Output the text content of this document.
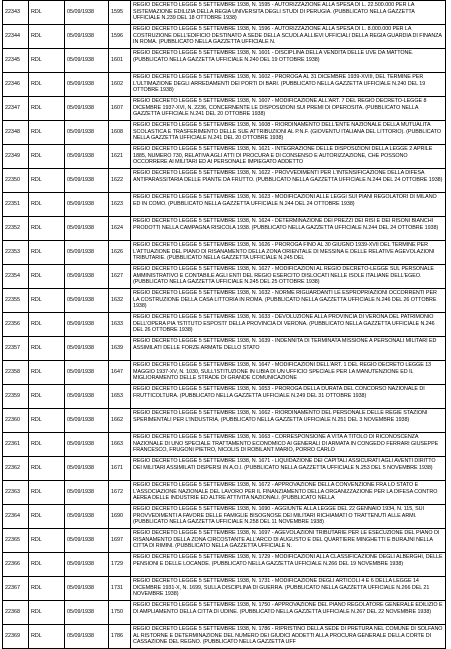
22343	RDL	05/09/1938	1595	REGIO DECRETO LEGGE 5 SETTEMBRE 1938, N. 1595 - AUTORIZZAZIONE ALLA SPESA DI L. 22.500.000 PER LA SISTEMAZIONE EDILIZIA DELLA REGIA UNIVERSITA DEGLI STUDI DI PERUGIA. (PUBBLICATO NELLA GAZZETTA UFFICIALE N.239 DEL 18 OTTOBRE 1938)
22344	RDL	05/09/1938	1596	REGIO DECRETO LEGGE 5 SETTEMBRE 1938, N. 1596 - AUTORIZZAZIONE ALLA SPESA DI L. 8.000.000 PER LA COSTRUZIONE DELL'EDIFICIO DESTINATO A SEDE DELLA SCUOLA ALLIEVI UFFICIALI DELLA REGIA GUARDIA DI FINANZA IN ROMA. (PUBBLICATO NELLA GAZZETTA UFFICIALE N.
22345	RDL	05/09/1938	1601	REGIO DECRETO LEGGE 5 SETTEMBRE 1938, N. 1601 - DISCIPLINA DELLA VENDITA DELLE UVE DA MATTONE. (PUBBLICATO NELLA GAZZETTA UFFICIALE N.240 DEL 19 OTTOBRE 1938)
22346	RDL	05/09/1938	1602	REGIO DECRETO LEGGE 5 SETTEMBRE 1938, N. 1602 - PROROGA AL 31 DICEMBRE 1939-XVIII, DEL TERMINE PER L'ULTIMAZIONE DEGLI ARREDAMENTI DEI PORTI DI BARI. (PUBBLICATO NELLA GAZZETTA UFFICIALE N.240 DEL 19 OTTOBRE 1938)
22347	RDL	05/09/1938	1607	REGIO DECRETO LEGGE 5 SETTEMBRE 1938, N. 1607 - MODIFICAZIONE ALL'ART. 7 DEL REGIO DECRETO-LEGGE 8 DICEMBRE 1937-XVI, N. 2236, CONCERNENTE LE DISPOSIZIONI SUI PREMI DI OPEROSITA. (PUBBLICATO NELLA GAZZETTA UFFICIALE N.241 DEL 20 OTTOBRE 1938)
22348	RDL	05/09/1938	1608	REGIO DECRETO LEGGE 5 SETTEMBRE 1938, N. 1608 - RIORDINAMENTO DELL'ENTE NAZIONALE DELLA MUTUALITA SCOLASTICA E TRASFERIMENTO DELLE SUE ATTRIBUZIONI AL P.N.F. (GIOVENTU ITALIANA DEL LITTORIO). (PUBBLICATO NELLA GAZZETTA UFFICIALE N.241 DEL 20 OTTOBRE 1938)
22349	RDL	05/09/1938	1621	REGIO DECRETO LEGGE 5 SETTEMBRE 1938, N. 1621 - INTEGRAZIONE DELLE DISPOSIZIONI DELLA LEGGE 2 APRILE 1885, NUMERO 730, RELATIVA AGLI ATTI DI PROCURA E DI CONSENSO E AUTORIZZAZIONE, CHE POSSONO OCCORRERE AI MILITARI ED AI PERSONALE IMPIEGATO ADDETTO
22350	RDL	05/09/1938	1622	REGIO DECRETO LEGGE 5 SETTEMBRE 1938, N. 1622 - PROVVEDIMENTI PER L'INTENSIFICAZIONE DELLA DIFESA ANTIPARASSITARIA DELLE PIANTE DA FRUTTO. (PUBBLICATO NELLA GAZZETTA UFFICIALE N.244 DEL 24 OTTOBRE 1938)
22351	RDL	05/09/1938	1623	REGIO DECRETO LEGGE 5 SETTEMBRE 1938, N. 1623 - MODIFICAZIONI ALLE LEGGI SUI PIANI REGOLATORI DI MILANO ED IN COMO. (PUBBLICATO NELLA GAZZETTA UFFICIALE N.244 DEL 24 OTTOBRE 1938)
22352	RDL	05/09/1938	1624	REGIO DECRETO LEGGE 5 SETTEMBRE 1938, N. 1624 - DETERMINAZIONE DEI PREZZI DEI RISI E DEI RISONI BIANCHI PRODOTTI NELLA CAMPAGNA RISICOLA 1938. (PUBBLICATO NELLA GAZZETTA UFFICIALE N.244 DEL 24 OTTOBRE 1938)
22353	RDL	05/09/1938	1626	REGIO DECRETO LEGGE 5 SETTEMBRE 1938, N. 1626 - PROROGA FINO AL 30 GIUGNO 1939-XVII DEL TERMINE PER L'ATTUAZIONE DEL PIANO DI RISANAMENTO DELLA ZONA ORIENTALE DI MESSINA E DELLE RELATIVE AGEVOLAZIONI TRIBUTARIE. (PUBBLICATO NELLA GAZZETTA UFFICIALE N.245 DEL
22354	RDL	05/09/1938	1627	REGIO DECRETO LEGGE 5 SETTEMBRE 1938, N. 1627 - MODIFICAZIONI AL REGIO DECRETO-LEGGE SUL PERSONALE AMMINISTRATIVO E CONTABILE AGLI ENTI DEL REGIO ESERCITO DISLOCATI NELLE ISOLE ITALIANE DELL'EGEO. (PUBBLICATO NELLA GAZZETTA UFFICIALE N.245 DEL 25 OTTOBRE 1938)
22355	RDL	05/09/1938	1632	REGIO DECRETO LEGGE 5 SETTEMBRE 1938, N. 1632 - NORME RIGUARDANTI LE ESPROPRIAZIONI OCCORRENTI PER LA COSTRUZIONE DELLA CASA LITTORIA IN ROMA. (PUBBLICATO NELLA GAZZETTA UFFICIALE N.246 DEL 26 OTTOBRE 1938)
22356	RDL	05/09/1938	1633	REGIO DECRETO LEGGE 5 SETTEMBRE 1938, N. 1633 - DEVOLUZIONE ALLA PROVINCIA DI VERONA DEL PATRIMONIO DELL'OPERA PIA 'ISTITUTO ESPOSTI' DELLA PROVINCIA DI VERONA. (PUBBLICATO NELLA GAZZETTA UFFICIALE N.246 DEL 26 OTTOBRE 1938)
22357	RDL	05/09/1938	1639	REGIO DECRETO LEGGE 5 SETTEMBRE 1938, N. 1639 - INDENNITA DI TERMINATA MISSIONE A PERSONALI MILITARI ED ASSIMILATI DELLE FORZE ARMATE DELLO STATO
22358	RDL	05/09/1938	1647	REGIO DECRETO LEGGE 5 SETTEMBRE 1938, N. 1647 - MODIFICAZIONI DELL'ART. 1 DEL REGIO DECRETO LEGGE 13 MAGGIO 1937-XV, N. 1030, SULL'ISTITUZIONE IN LIBIA DI UN UFFICIO SPECIALE PER LA MANUTENZIONE ED IL MIGLIORAMENTO DELLE STRADE DI GRANDE COMUNICAZIONE
22359	RDL	05/09/1938	1653	REGIO DECRETO LEGGE 5 SETTEMBRE 1938, N. 1653 - PROROGA DELLA DURATA DEL CONCORSO NAZIONALE DI FRUTTICOLTURA. (PUBBLICATO NELLA GAZZETTA UFFICIALE N.249 DEL 31 OTTOBRE 1938)
22360	RDL	05/09/1938	1662	REGIO DECRETO LEGGE 5 SETTEMBRE 1938, N. 1662 - RIORDINAMENTO DEL PERSONALE DELLE REGIE STAZIONI SPERIMENTALI PER L'INDUSTRIA. (PUBBLICATO NELLA GAZZETTA UFFICIALE N.251 DEL 3 NOVEMBRE 1938)
22361	RDL	05/09/1938	1663	REGIO DECRETO LEGGE 5 SETTEMBRE 1938, N. 1663 - CORRESPONSIONE A VITA A TITOLO DI RICONOSCENZA NAZIONALE DI UNO SPECIALE TRATTAMENTO ECONOMICO AI GENERALI DI ARMATA IN CONGEDO FERRARI GIUSEPPE FRANCESCO, FRUGONI PIETRO, NICOLIS DI ROBILANT MARIO, PORRO CARLO
22362	RDL	05/09/1938	1671	REGIO DECRETO LEGGE 5 SETTEMBRE 1938, N. 1671 - LIQUIDAZIONE DEI CAPITALI ASSICURATI AGLI AVENTI DIRITTO DEI MILITARI ASSIMILATI DISPERSI IN A.O.I. (PUBBLICATO NELLA GAZZETTA UFFICIALE N.253 DEL 5 NOVEMBRE 1938)
22363	RDL	05/09/1938	1672	REGIO DECRETO LEGGE 5 SETTEMBRE 1938, N. 1672 - APPROVAZIONE DELLA CONVENZIONE FRA LO STATO E L'ASSOCIAZIONE NAZIONALE DEL LAVORO PER IL FINANZIAMENTO DELLA ORGANIZZAZIONE PER LA DIFESA CONTRO AEREA DELLE INDUSTRIE ED ALTRE ATTIVITA NAZIONALI. (PUBBLICATO NELLA
22364	RDL	05/09/1938	1690	REGIO DECRETO LEGGE 5 SETTEMBRE 1938, N. 1690 - AGGIUNTE ALLA LEGGE DEL 22 GENNAIO 1934, N. 115, SUI PROVVEDIMENTI A FAVORE DELLE FAMIGLIE BISOGNOSE DEI MILITARI RICHIAMATI O TRATTENUTI ALLE ARMI. (PUBBLICATO NELLA GAZZETTA UFFICIALE N.258 DEL 11 NOVEMBRE 1938)
22365	RDL	05/09/1938	1697	REGIO DECRETO LEGGE 5 SETTEMBRE 1938, N. 1697 - AGEVOLAZIONI TRIBUTARIE PER LE ESECUZIONE DEL PIANO DI RISANAMENTO DELLA ZONA CIRCOSTANTE ALL'ARCO DI AUGUSTO E DEL QUARTIERE MINGHETTI E BURAJNI NELLA CITTA DI RIMINI. (PUBBLICATO NELLA GAZZETTA UFFICIALE N.
22366	RDL	05/09/1938	1729	REGIO DECRETO LEGGE 5 SETTEMBRE 1938, N. 1729 - MODIFICAZIONI ALLA CLASSIFICAZIONE DEGLI ALBERGHI, DELLE PENSIONI E DELLE LOCANDE. (PUBBLICATO NELLA GAZZETTA UFFICIALE N.266 DEL 19 NOVEMBRE 1938)
22367	RDL	05/09/1938	1731	REGIO DECRETO LEGGE 5 SETTEMBRE 1938, N. 1731 - MODIFICAZIONE DEGLI ARTICOLI 4 E 6 DELLA LEGGE 14 DICEMBRE 1931-X, N. 1699, SULLA DISCIPLINA DI GUERRA. (PUBBLICATO NELLA GAZZETTA UFFICIALE N.266 DEL 21 NOVEMBRE 1938)
22368	RDL	05/09/1938	1750	REGIO DECRETO LEGGE 5 SETTEMBRE 1938, N. 1750 - APPROVAZIONE DEL PIANO REGOLATORE GENERALE EDILIZIO E DI AMPLIAMENTO DELLA CITTA DI UDINE. (PUBBLICATO NELLA GAZZETTA UFFICIALE N.267 DEL 22 NOVEMBRE 1938)
22369	RDL	05/09/1938	1786	REGIO DECRETO LEGGE 5 SETTEMBRE 1938, N. 1786 - RIPRISTINO DELLA SEDE DI PRETURA NEL COMUNE DI SOLFANO AL RISTORNE E DETERMINAZIONE DEL NUMERO DEI GIUDICI ADDETTI ALLA PROCURA GENERALE DELLA CORTE DI CASSAZIONE DEL REGNO. (PUBBLICATO NELLA GAZZETTA UFF
